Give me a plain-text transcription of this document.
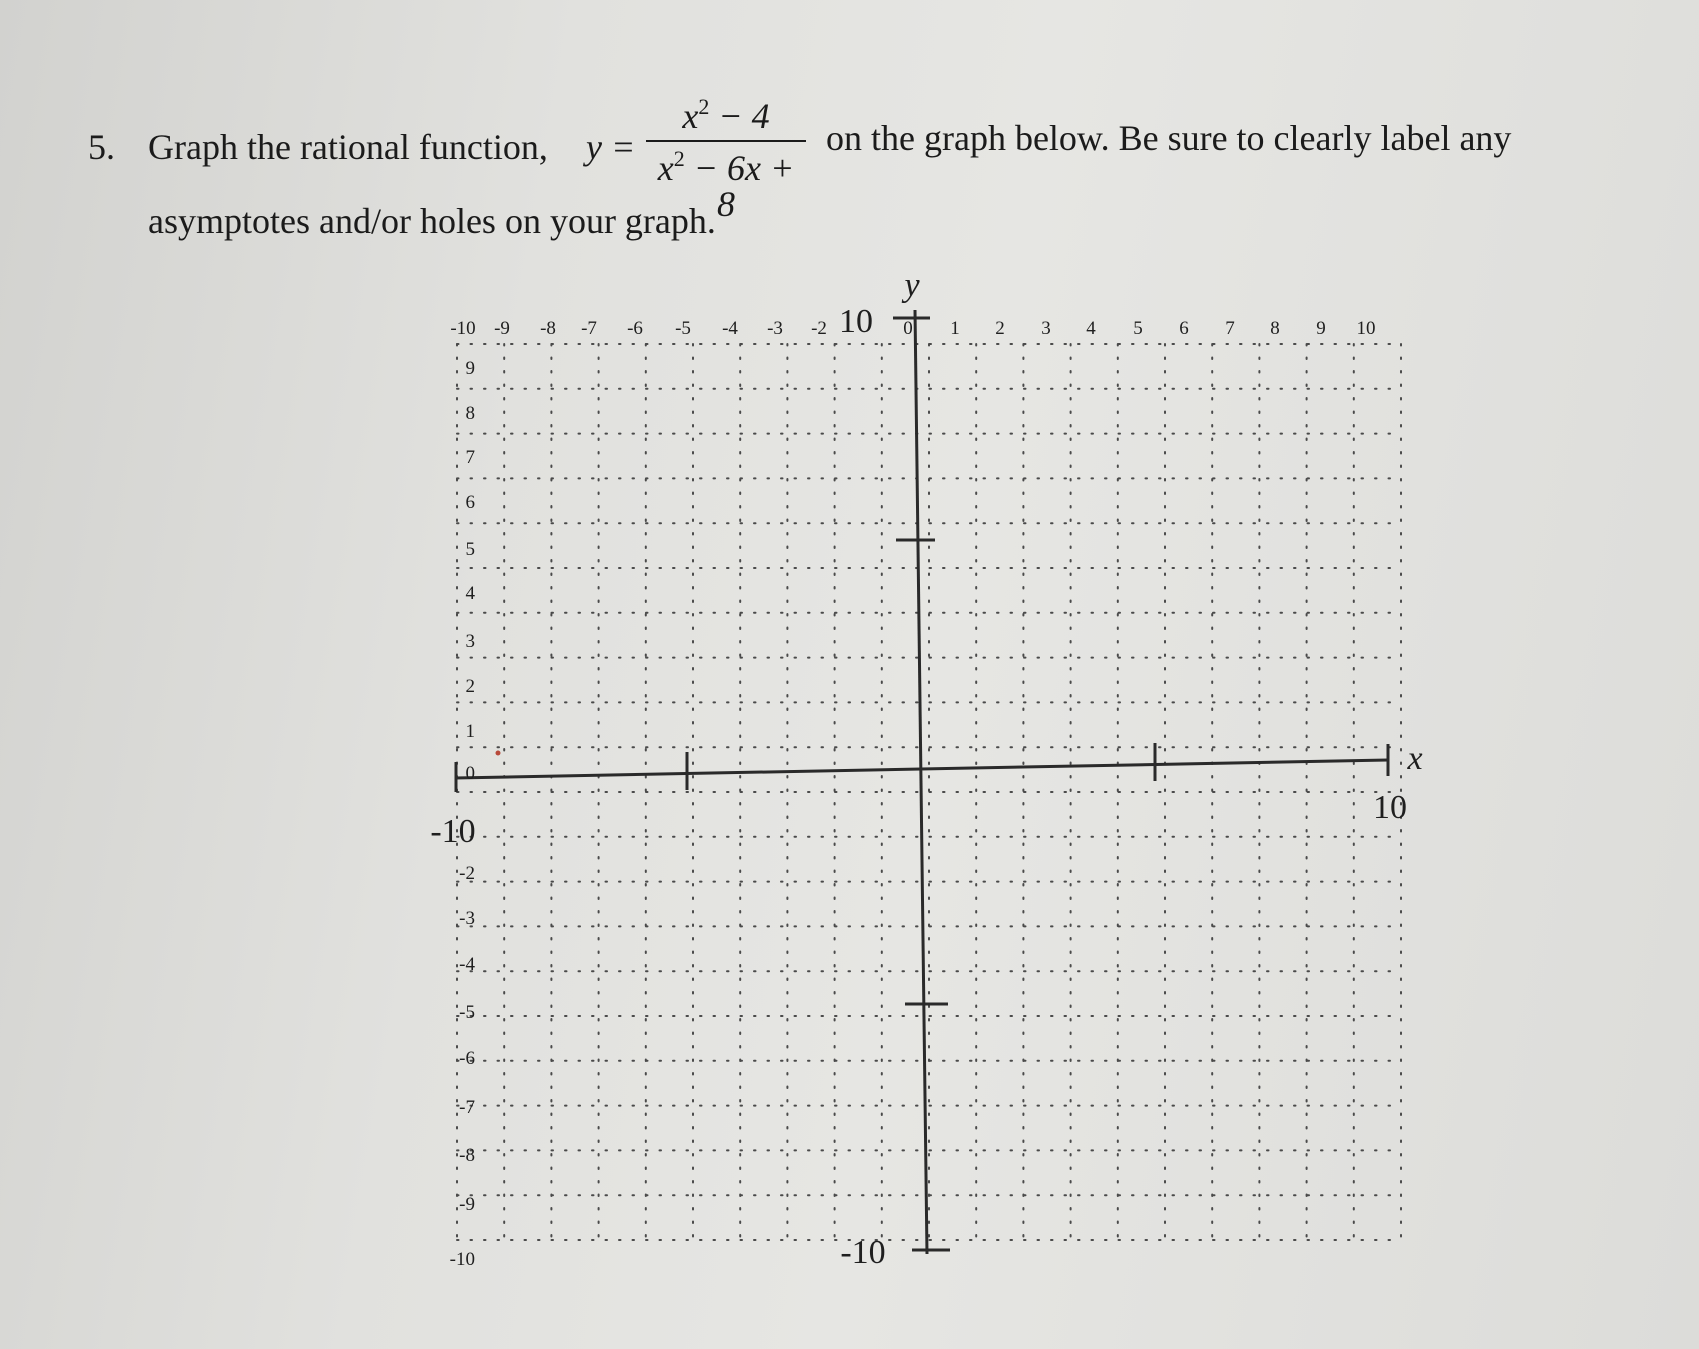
5. Graph the rational function, y =
$x^2 - 4$
$x^2 - 6x + 8$
on the graph below. Be sure to clearly label any
asymptotes and/or holes on your graph.
-10 -9 -8 -7 -6 -5 -4 -3 -2	0 1 2 3 4 5 6 7 8 9 10
9
8
7
6
5
4
3
2
1
0
-2
-3
-4
-5
-6
-7
-8
-9
-10
-10
10
10
-10
y
x
